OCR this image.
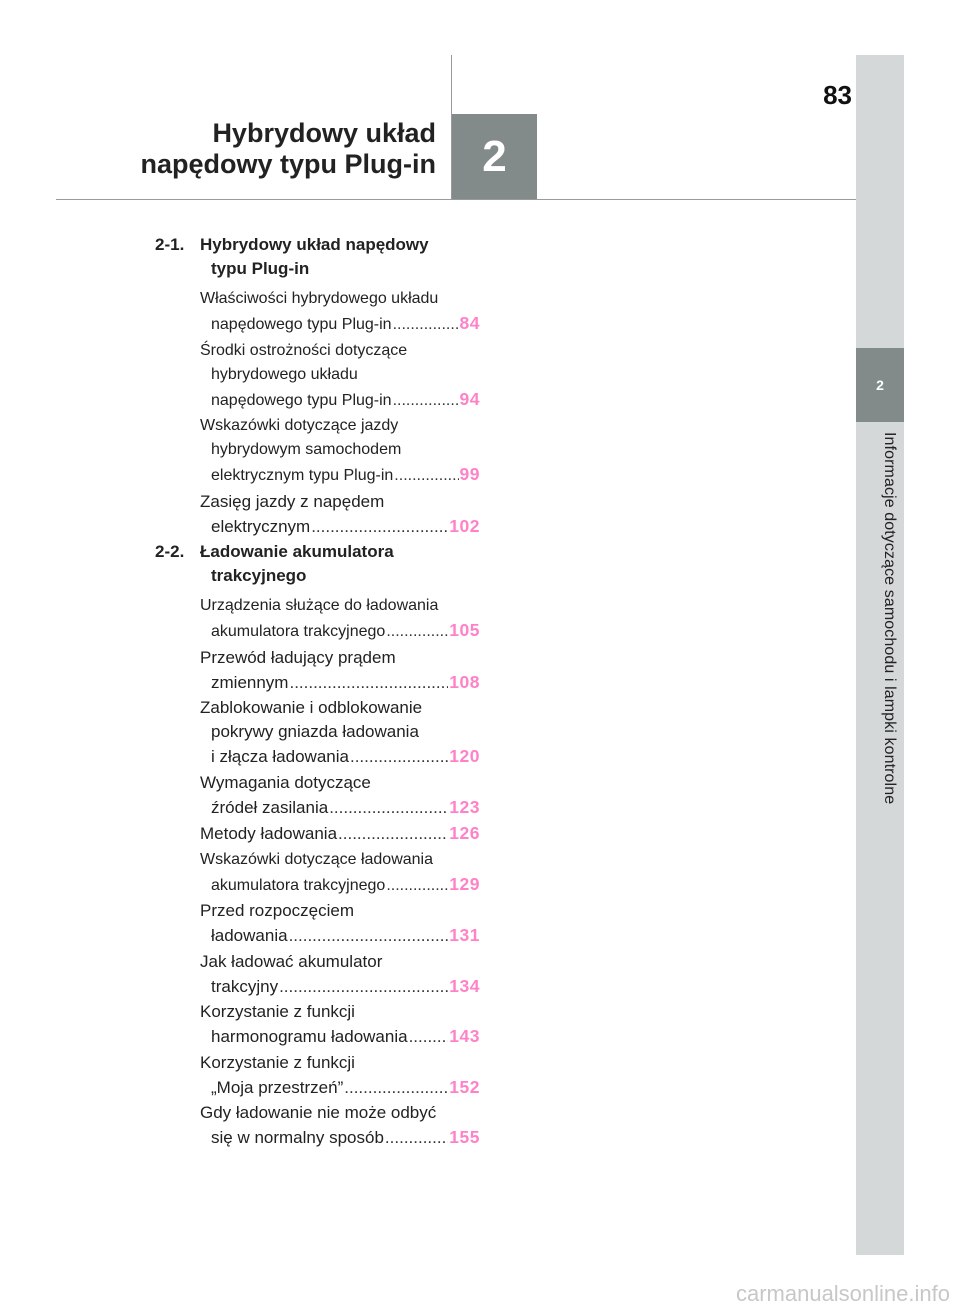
83
Hybrydowy układ
napędowy typu Plug-in	2
2
Informacje dotyczące samochodu i lampki kontrolne
2-1. Hybrydowy układ napędowy
typu Plug-in
Właściwości hybrydowego układu
napędowego typu Plug-in .....	84
Środki ostrożności dotyczące
hybrydowego układu
napędowego typu Plug-in .....	94
Wskazówki dotyczące jazdy
hybrydowym samochodem
elektrycznym typu Plug-in .....	99
Zasięg jazdy z napędem
elektrycznym .....	102
2-2. Ładowanie akumulatora
trakcyjnego
Urządzenia służące do ładowania
akumulatora trakcyjnego .....	105
Przewód ładujący prądem
zmiennym .....	108
Zablokowanie i odblokowanie
pokrywy gniazda ładowania
i złącza ładowania .....	120
Wymagania dotyczące
źródeł zasilania .....	123
Metody ładowania .....	126
Wskazówki dotyczące ładowania
akumulatora trakcyjnego .....	129
Przed rozpoczęciem
ładowania .....	131
Jak ładować akumulator
trakcyjny .....	134
Korzystanie z funkcji
harmonogramu ładowania ..... 143
Korzystanie z funkcji
„Moja przestrzeń” .....	152
Gdy ładowanie nie może odbyć
się w normalny sposób .....	155
carmanualsonline.info
